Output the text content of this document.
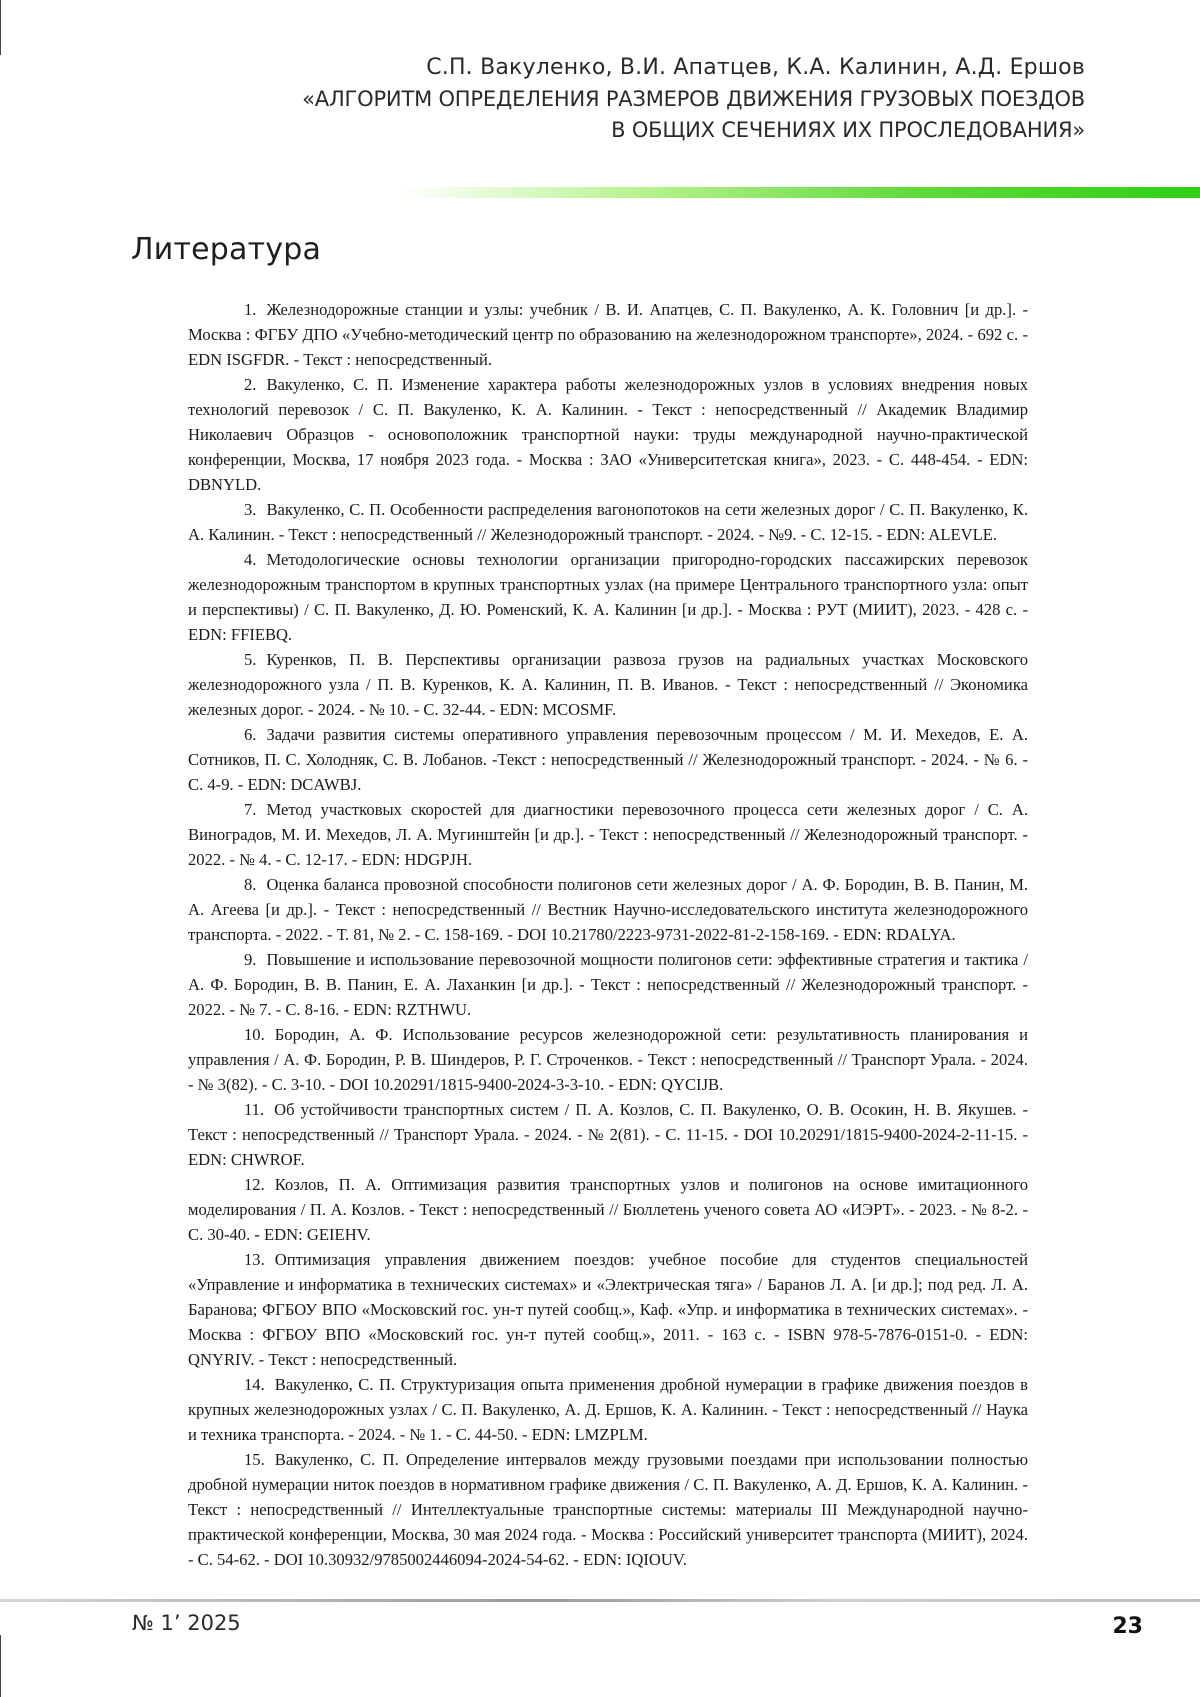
С.П. Вакуленко, В.И. Апатцев, К.А. Калинин, А.Д. Ершов
«АЛГОРИТМ ОПРЕДЕЛЕНИЯ РАЗМЕРОВ ДВИЖЕНИЯ ГРУЗОВЫХ ПОЕЗДОВ
В ОБЩИХ СЕЧЕНИЯХ ИХ ПРОСЛЕДОВАНИЯ»
Литература

1. Железнодорожные станции и узлы: учебник / В. И. Апатцев, С. П. Вакуленко, А. К. Головнич [и др.]. - Москва : ФГБУ ДПО «Учебно-методический центр по образованию на железнодорожном транспорте», 2024. - 692 с. - EDN ISGFDR. - Текст : непосредственный.

2. Вакуленко, С. П. Изменение характера работы железнодорожных узлов в условиях внедрения новых технологий перевозок / С. П. Вакуленко, К. А. Калинин. - Текст : непосредственный // Академик Владимир Николаевич Образцов - основоположник транспортной науки: труды международной научно-практической конференции, Москва, 17 ноября 2023 года. - Москва : ЗАО «Университетская книга», 2023. - С. 448-454. - EDN: DBNYLD.

3. Вакуленко, С. П. Особенности распределения вагонопотоков на сети железных дорог / С. П. Вакуленко, К. А. Калинин. - Текст : непосредственный // Железнодорожный транспорт. - 2024. - №9. - С. 12-15. - EDN: ALEVLE.

4. Методологические основы технологии организации пригородно-городских пассажирских перевозок железнодорожным транспортом в крупных транспортных узлах (на примере Центрального транспортного узла: опыт и перспективы) / С. П. Вакуленко, Д. Ю. Роменский, К. А. Калинин [и др.]. - Москва : РУТ (МИИТ), 2023. - 428 с. - EDN: FFIEBQ.

5. Куренков, П. В. Перспективы организации развоза грузов на радиальных участках Московского железнодорожного узла / П. В. Куренков, К. А. Калинин, П. В. Иванов. - Текст : непосредственный // Экономика железных дорог. - 2024. - № 10. - С. 32-44. - EDN: MCOSMF.

6. Задачи развития системы оперативного управления перевозочным процессом / М. И. Мехедов, Е. А. Сотников, П. С. Холодняк, С. В. Лобанов. -Текст : непосредственный // Железнодорожный транспорт. - 2024. - № 6. - С. 4-9. - EDN: DCAWBJ.

7. Метод участковых скоростей для диагностики перевозочного процесса сети железных дорог / С. А. Виноградов, М. И. Мехедов, Л. А. Мугинштейн [и др.]. - Текст : непосредственный // Железнодорожный транспорт. - 2022. - № 4. - С. 12-17. - EDN: HDGPJH.

8. Оценка баланса провозной способности полигонов сети железных дорог / А. Ф. Бородин, В. В. Панин, М. А. Агеева [и др.]. - Текст : непосредственный // Вестник Научно-исследовательского института железнодорожного транспорта. - 2022. - Т. 81, № 2. - С. 158-169. - DOI 10.21780/2223-9731-2022-81-2-158-169. - EDN: RDALYA.

9. Повышение и использование перевозочной мощности полигонов сети: эффективные стратегия и тактика / А. Ф. Бородин, В. В. Панин, Е. А. Лаханкин [и др.]. - Текст : непосредственный // Железнодорожный транспорт. - 2022. - № 7. - С. 8-16. - EDN: RZTHWU.

10. Бородин, А. Ф. Использование ресурсов железнодорожной сети: результативность планирования и управления / А. Ф. Бородин, Р. В. Шиндеров, Р. Г. Строченков. - Текст : непосредственный // Транспорт Урала. - 2024. - № 3(82). - С. 3-10. - DOI 10.20291/1815-9400-2024-3-3-10. - EDN: QYCIJB.

11. Об устойчивости транспортных систем / П. А. Козлов, С. П. Вакуленко, О. В. Осокин, Н. В. Якушев. - Текст : непосредственный // Транспорт Урала. - 2024. - № 2(81). - С. 11-15. - DOI 10.20291/1815-9400-2024-2-11-15. - EDN: CHWROF.

12. Козлов, П. А. Оптимизация развития транспортных узлов и полигонов на основе имитационного моделирования / П. А. Козлов. - Текст : непосредственный // Бюллетень ученого совета АО «ИЭРТ». - 2023. - № 8-2. - С. 30-40. - EDN: GEIEHV.

13. Оптимизация управления движением поездов: учебное пособие для студентов специальностей «Управление и информатика в технических системах» и «Электрическая тяга» / Баранов Л. А. [и др.]; под ред. Л. А. Баранова; ФГБОУ ВПО «Московский гос. ун-т путей сообщ.», Каф. «Упр. и информатика в технических системах». - Москва : ФГБОУ ВПО «Московский гос. ун-т путей сообщ.», 2011. - 163 с. - ISBN 978-5-7876-0151-0. - EDN: QNYRIV. - Текст : непосредственный.

14. Вакуленко, С. П. Структуризация опыта применения дробной нумерации в графике движения поездов в крупных железнодорожных узлах / С. П. Вакуленко, А. Д. Ершов, К. А. Калинин. - Текст : непосредственный // Наука и техника транспорта. - 2024. - № 1. - С. 44-50. - EDN: LMZPLM.

15. Вакуленко, С. П. Определение интервалов между грузовыми поездами при использовании полностью дробной нумерации ниток поездов в нормативном графике движения / С. П. Вакуленко, А. Д. Ершов, К. А. Калинин. - Текст : непосредственный // Интеллектуальные транспортные системы: материалы III Международной научно-практической конференции, Москва, 30 мая 2024 года. - Москва : Российский университет транспорта (МИИТ), 2024. - С. 54-62. - DOI 10.30932/9785002446094-2024-54-62. - EDN: IQIOUV.

№ 1’ 2025	23
